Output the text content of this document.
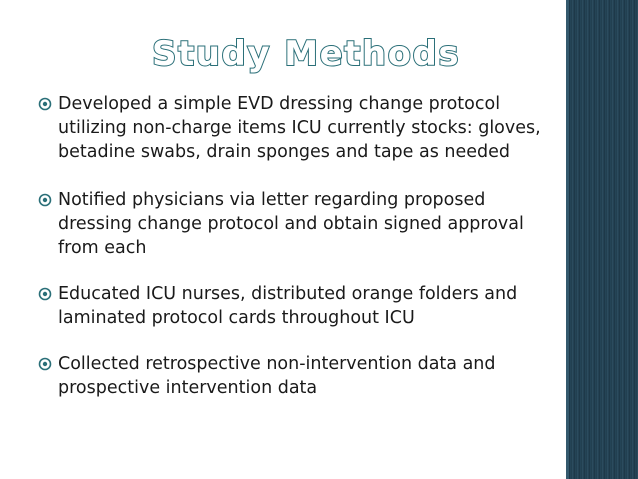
Study Methods
Developed a simple EVD dressing change protocol utilizing non-charge items ICU currently stocks: gloves, betadine swabs, drain sponges and tape as needed
Notified physicians via letter regarding proposed dressing change protocol and obtain signed approval from each
Educated ICU nurses, distributed orange folders and laminated protocol cards throughout ICU
Collected retrospective non-intervention data and prospective intervention data
